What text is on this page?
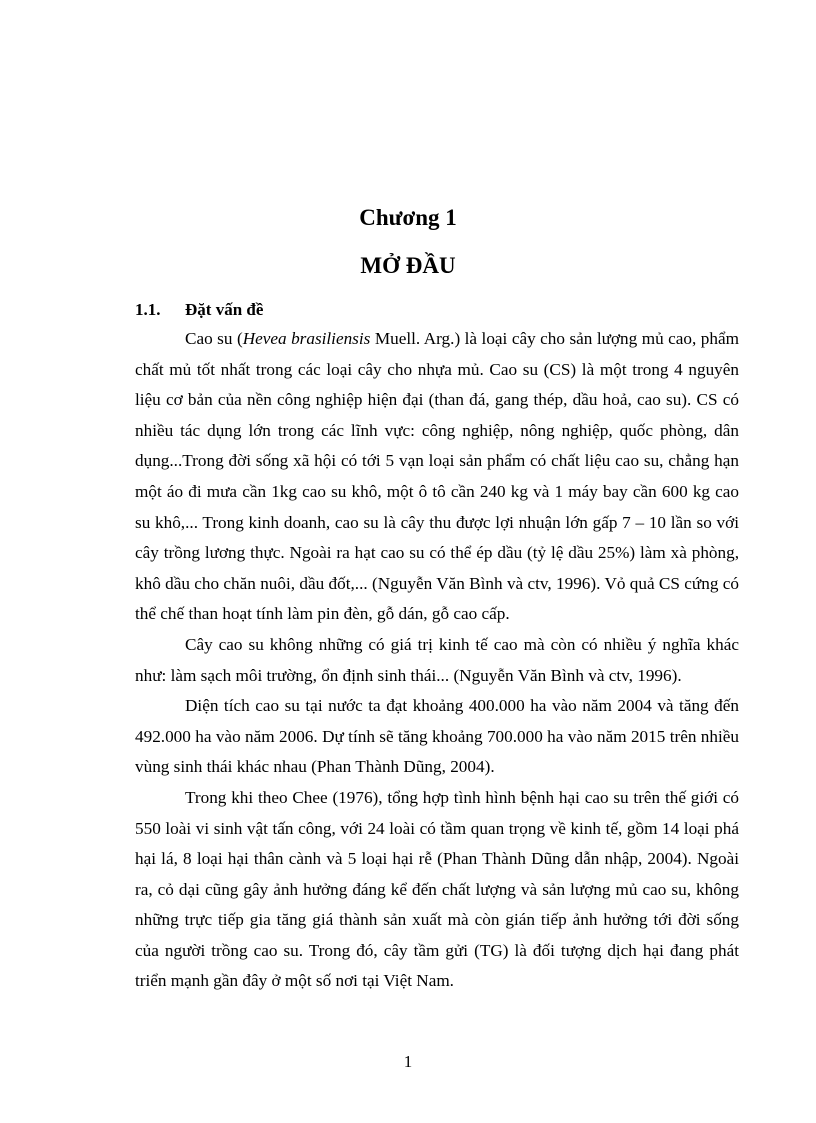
Chương 1
MỞ ĐẦU
1.1. Đặt vấn đề

Cao su (Hevea brasiliensis Muell. Arg.) là loại cây cho sản lượng mủ cao, phẩm chất mủ tốt nhất trong các loại cây cho nhựa mủ. Cao su (CS) là một trong 4 nguyên liệu cơ bản của nền công nghiệp hiện đại (than đá, gang thép, dầu hoả, cao su). CS có nhiều tác dụng lớn trong các lĩnh vực: công nghiệp, nông nghiệp, quốc phòng, dân dụng...Trong đời sống xã hội có tới 5 vạn loại sản phẩm có chất liệu cao su, chẳng hạn một áo đi mưa cần 1kg cao su khô, một ô tô cần 240 kg và 1 máy bay cần 600 kg cao su khô,... Trong kinh doanh, cao su là cây thu được lợi nhuận lớn gấp 7 – 10 lần so với cây trồng lương thực. Ngoài ra hạt cao su có thể ép dầu (tỷ lệ dầu 25%) làm xà phòng, khô dầu cho chăn nuôi, dầu đốt,... (Nguyễn Văn Bình và ctv, 1996). Vỏ quả CS cứng có thể chế than hoạt tính làm pin đèn, gỗ dán, gỗ cao cấp.

Cây cao su không những có giá trị kinh tế cao mà còn có nhiều ý nghĩa khác như: làm sạch môi trường, ổn định sinh thái... (Nguyễn Văn Bình và ctv, 1996).

Diện tích cao su tại nước ta đạt khoảng 400.000 ha vào năm 2004 và tăng đến 492.000 ha vào năm 2006. Dự tính sẽ tăng khoảng 700.000 ha vào năm 2015 trên nhiều vùng sinh thái khác nhau (Phan Thành Dũng, 2004).

Trong khi theo Chee (1976), tổng hợp tình hình bệnh hại cao su trên thế giới có 550 loài vi sinh vật tấn công, với 24 loài có tầm quan trọng về kinh tế, gồm 14 loại phá hại lá, 8 loại hại thân cành và 5 loại hại rễ (Phan Thành Dũng dẫn nhập, 2004). Ngoài ra, cỏ dại cũng gây ảnh hưởng đáng kể đến chất lượng và sản lượng mủ cao su, không những trực tiếp gia tăng giá thành sản xuất mà còn gián tiếp ảnh hưởng tới đời sống của người trồng cao su. Trong đó, cây tầm gửi (TG) là đối tượng dịch hại đang phát triển mạnh gần đây ở một số nơi tại Việt Nam.

1
